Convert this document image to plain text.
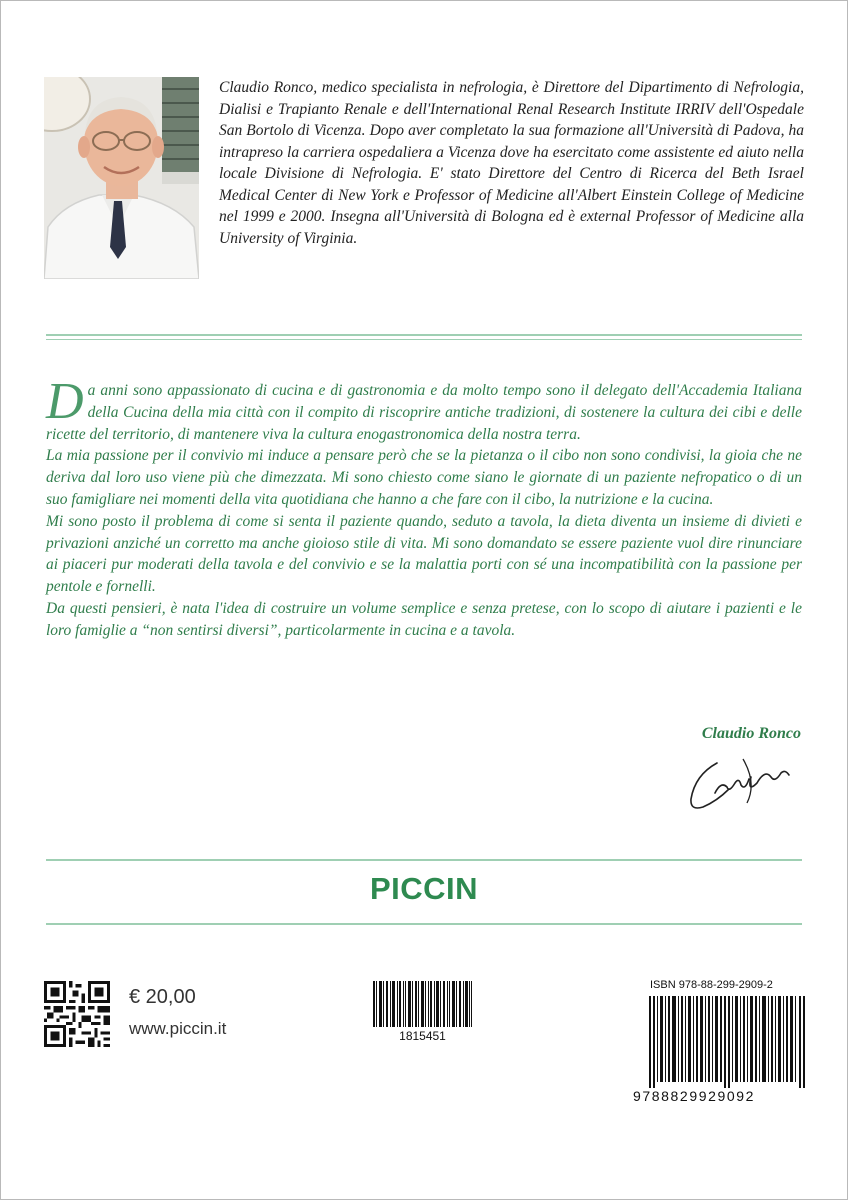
Claudio Ronco, medico specialista in nefrologia, è Direttore del Dipartimento di Nefrologia, Dialisi e Trapianto Renale e dell'International Renal Research Institute IRRIV dell'Ospedale San Bortolo di Vicenza. Dopo aver completato la sua formazione all'Università di Padova, ha intrapreso la carriera ospedaliera a Vicenza dove ha esercitato come assistente ed aiuto nella locale Divisione di Nefrologia. E' stato Direttore del Centro di Ricerca del Beth Israel Medical Center di New York e Professor of Medicine all'Albert Einstein College of Medicine nel 1999 e 2000. Insegna all'Università di Bologna ed è external Professor of Medicine alla University of Virginia.

Da anni sono appassionato di cucina e di gastronomia e da molto tempo sono il delegato dell'Accademia Italiana della Cucina della mia città con il compito di riscoprire antiche tradizioni, di sostenere la cultura dei cibi e delle ricette del territorio, di mantenere viva la cultura enogastronomica della nostra terra.

La mia passione per il convivio mi induce a pensare però che se la pietanza o il cibo non sono condivisi, la gioia che ne deriva dal loro uso viene più che dimezzata. Mi sono chiesto come siano le giornate di un paziente nefropatico o di un suo famigliare nei momenti della vita quotidiana che hanno a che fare con il cibo, la nutrizione e la cucina.

Mi sono posto il problema di come si senta il paziente quando, seduto a tavola, la dieta diventa un insieme di divieti e privazioni anziché un corretto ma anche gioioso stile di vita. Mi sono domandato se essere paziente vuol dire rinunciare ai piaceri pur moderati della tavola e del convivio e se la malattia porti con sé una incompatibilità con la passione per pentole e fornelli.

Da questi pensieri, è nata l'idea di costruire un volume semplice e senza pretese, con lo scopo di aiutare i pazienti e le loro famiglie a “non sentirsi diversi”, particolarmente in cucina e a tavola.

Claudio Ronco
PICCIN
€ 20,00
www.piccin.it	1815451
ISBN 978-88-299-2909-2
9788829929092
